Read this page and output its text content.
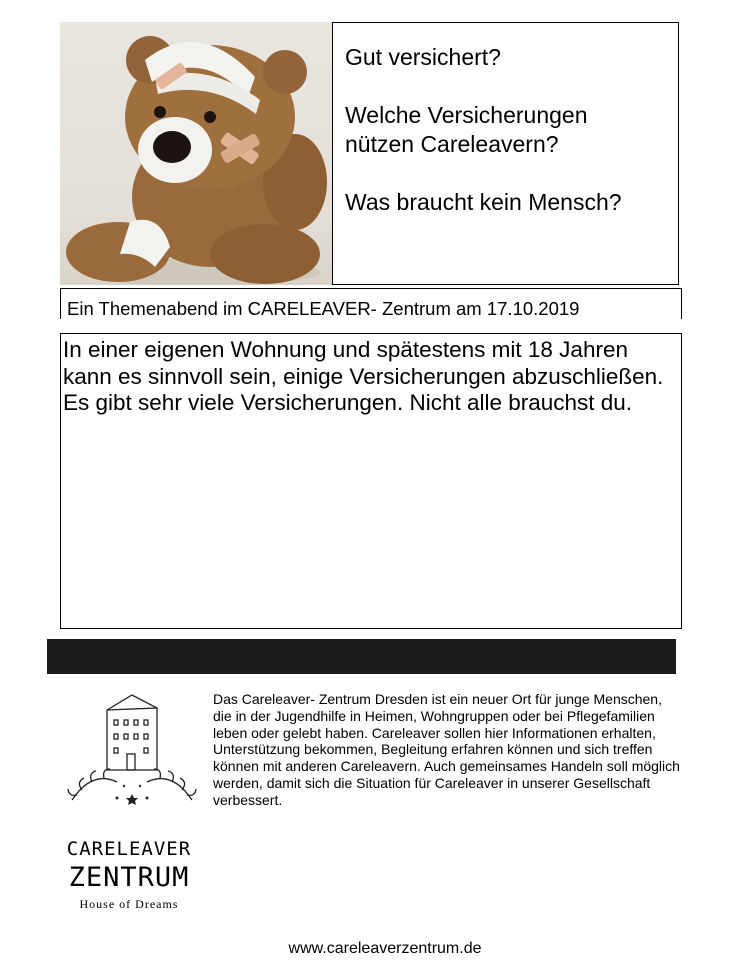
Gut versichert?

Welche Versicherungen
nützen Careleavern?

Was braucht kein Mensch?

Ein Themenabend im CARELEAVER- Zentrum am 17.10.2019
In einer eigenen Wohnung und spätestens mit 18 Jahren kann es sinnvoll sein, einige Versicherungen abzuschließen. Es gibt sehr viele Versicherungen. Nicht alle brauchst du.
CARELEAVER
ZENTRUM
House of Dreams
Das Careleaver- Zentrum Dresden ist ein neuer Ort für junge Menschen, die in der Jugendhilfe in Heimen, Wohngruppen oder bei Pflegefamilien leben oder gelebt haben. Careleaver sollen hier Informationen erhalten, Unterstützung bekommen, Begleitung erfahren können und sich treffen können mit anderen Careleavern. Auch gemeinsames Handeln soll möglich werden, damit sich die Situation für Careleaver in unserer Gesellschaft verbessert.
www.careleaverzentrum.de
